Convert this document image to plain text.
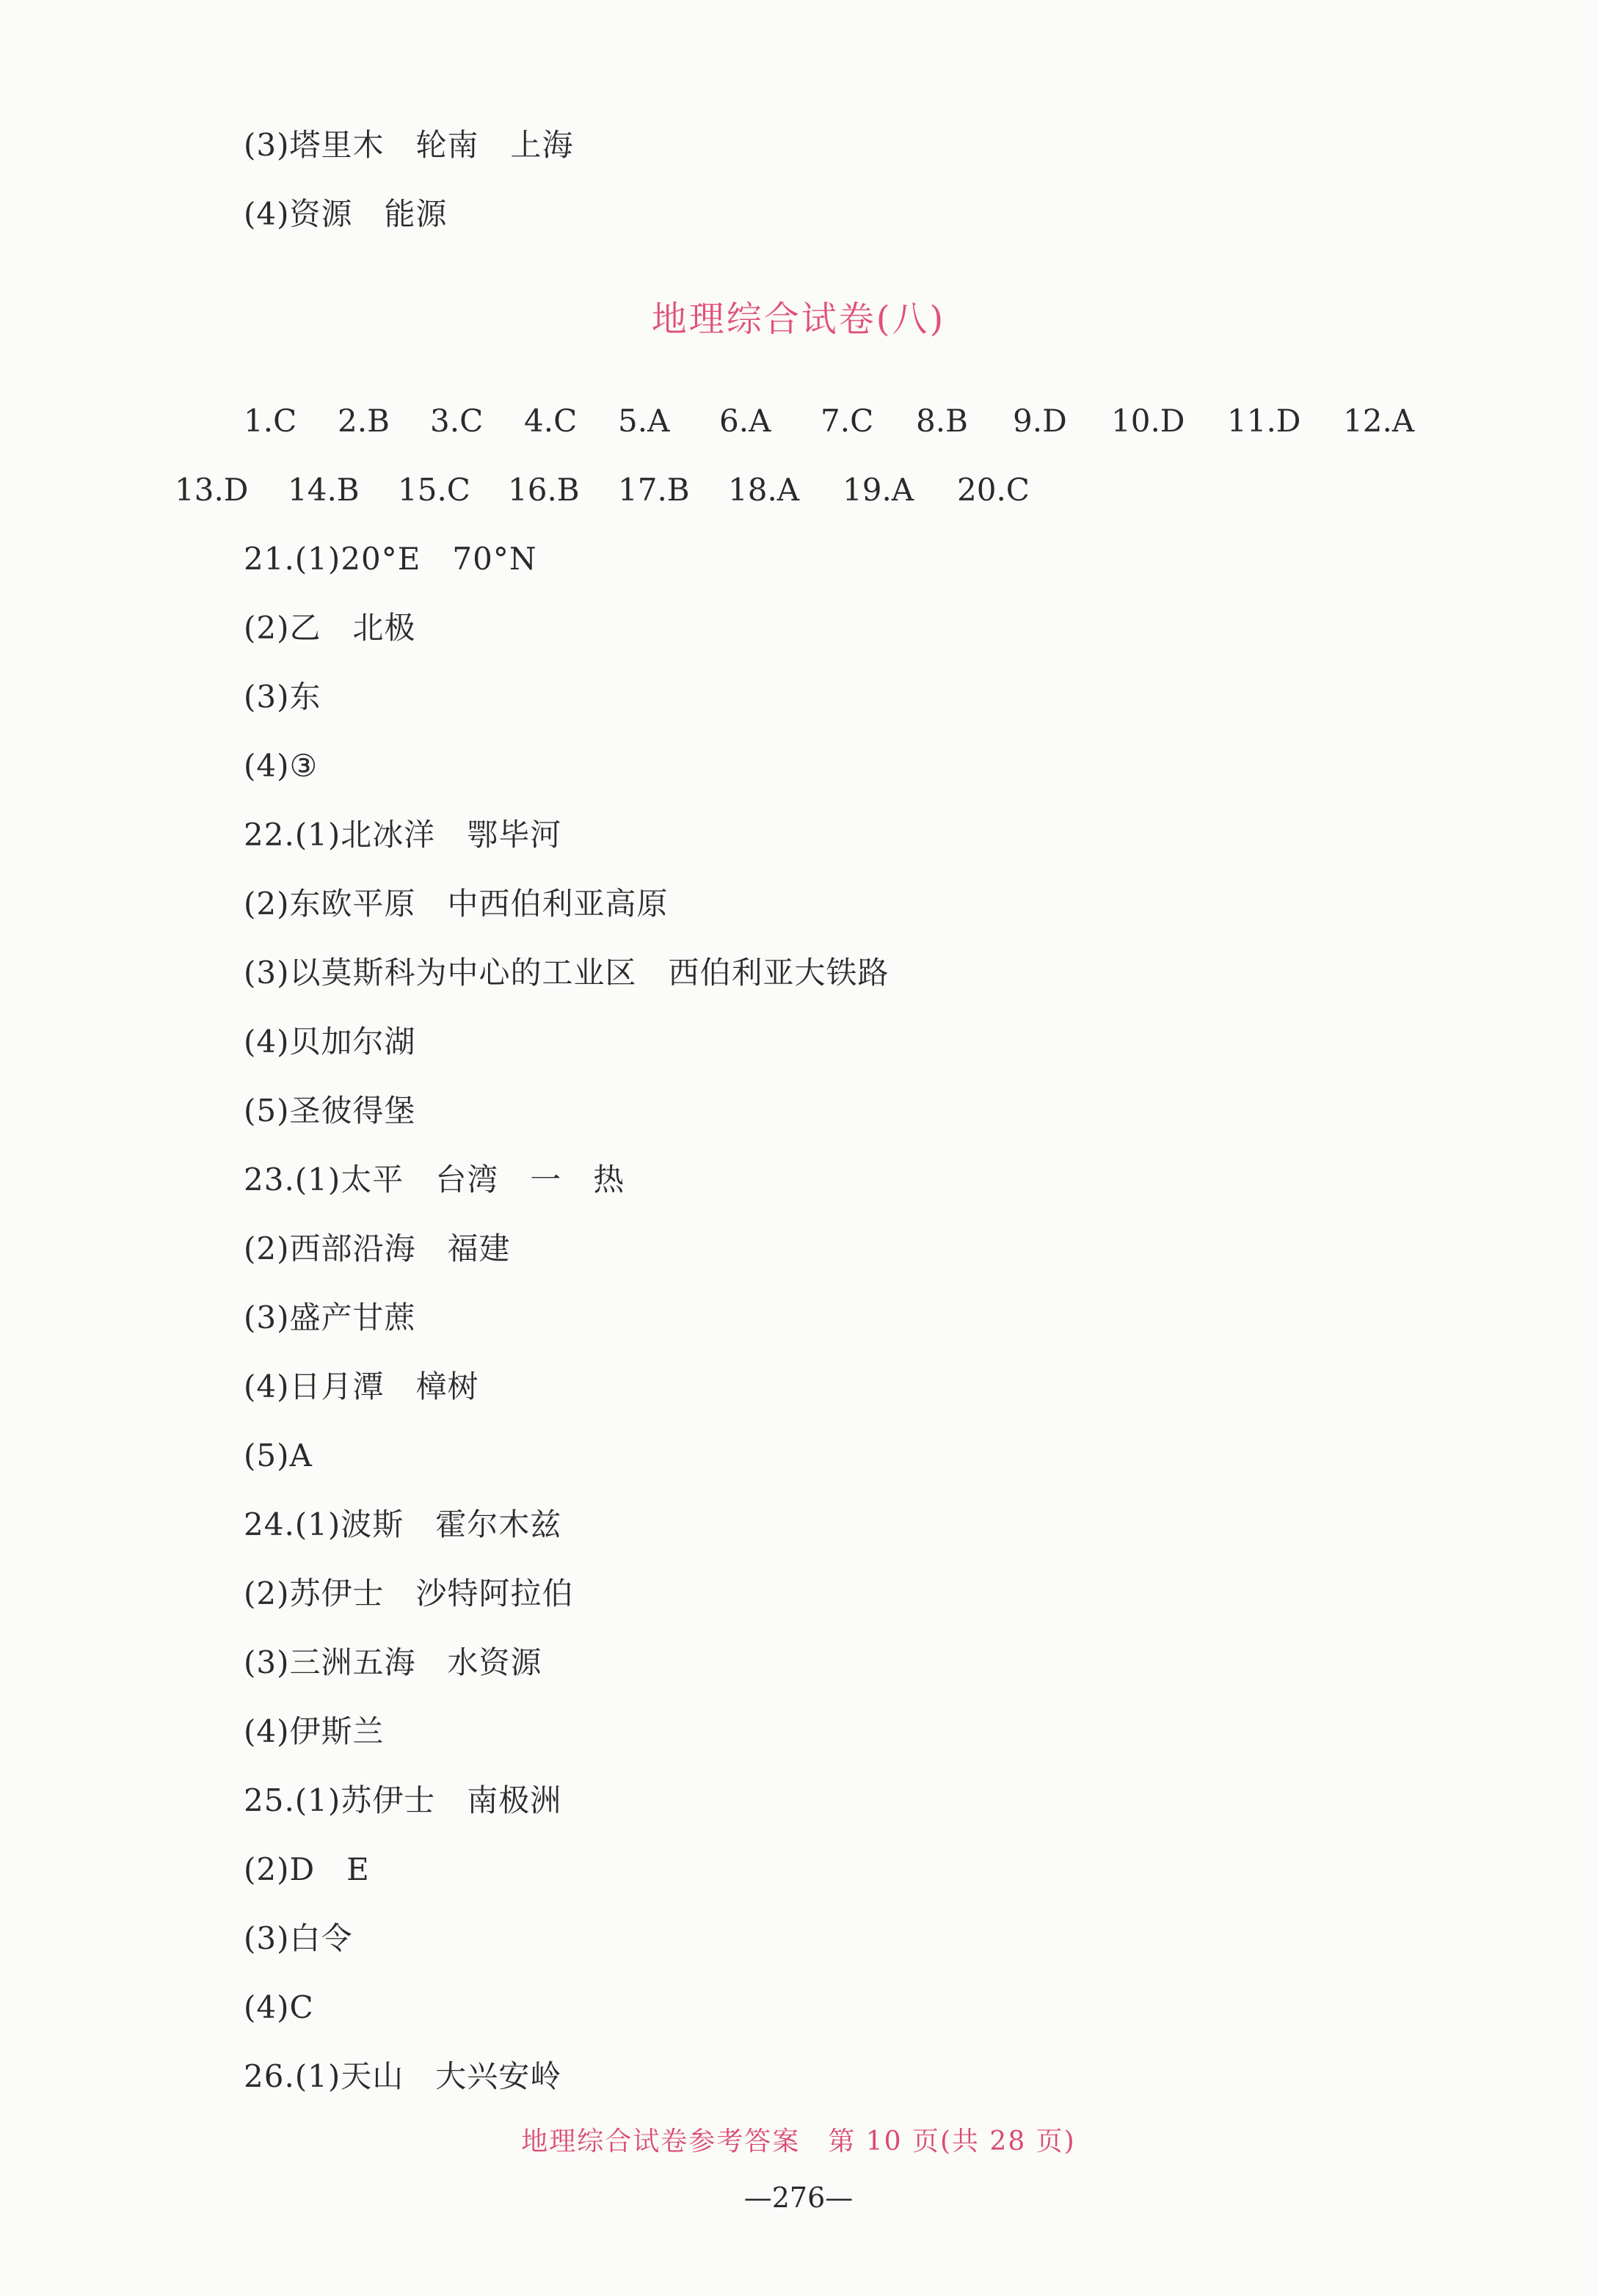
(3)塔里木　轮南　上海
(4)资源　能源
地理综合试卷(八)

1.C

2.B

3.C

4.C

5.A

6.A

7.C

8.B

9.D

10.D

11.D

12.A

13.D

14.B

15.C

16.B

17.B

18.A

19.A

20.C

21.(1)20°E　70°N
(2)乙　北极
(3)东
(4)③
22.(1)北冰洋　鄂毕河
(2)东欧平原　中西伯利亚高原
(3)以莫斯科为中心的工业区　西伯利亚大铁路
(4)贝加尔湖
(5)圣彼得堡
23.(1)太平　台湾　一　热
(2)西部沿海　福建
(3)盛产甘蔗
(4)日月潭　樟树
(5)A
24.(1)波斯　霍尔木兹
(2)苏伊士　沙特阿拉伯
(3)三洲五海　水资源
(4)伊斯兰
25.(1)苏伊士　南极洲
(2)D　E
(3)白令
(4)C
26.(1)天山　大兴安岭
地理综合试卷参考答案　第 10 页(共 28 页)
—276—
